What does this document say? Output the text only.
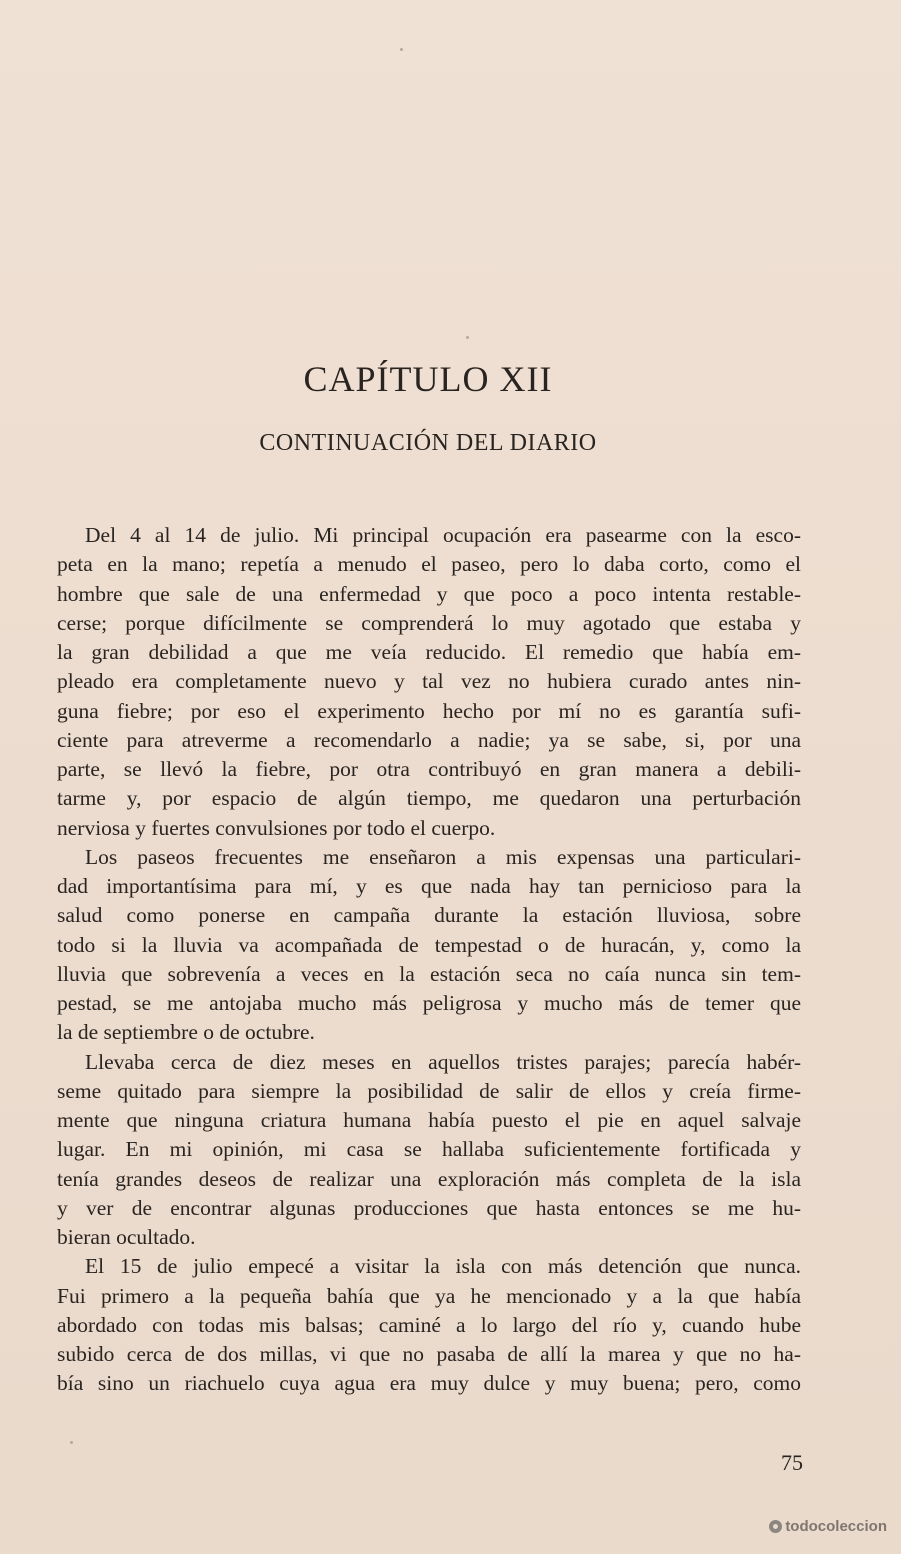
CAPÍTULO XII
CONTINUACIÓN DEL DIARIO
Del 4 al 14 de julio. Mi principal ocupación era pasearme con la esco-
peta en la mano; repetía a menudo el paseo, pero lo daba corto, como el
hombre que sale de una enfermedad y que poco a poco intenta restable-
cerse; porque difícilmente se comprenderá lo muy agotado que estaba y
la gran debilidad a que me veía reducido. El remedio que había em-
pleado era completamente nuevo y tal vez no hubiera curado antes nin-
guna fiebre; por eso el experimento hecho por mí no es garantía sufi-
ciente para atreverme a recomendarlo a nadie; ya se sabe, si, por una
parte, se llevó la fiebre, por otra contribuyó en gran manera a debili-
tarme y, por espacio de algún tiempo, me quedaron una perturbación
nerviosa y fuertes convulsiones por todo el cuerpo.
Los paseos frecuentes me enseñaron a mis expensas una particulari-
dad importantísima para mí, y es que nada hay tan pernicioso para la
salud como ponerse en campaña durante la estación lluviosa, sobre
todo si la lluvia va acompañada de tempestad o de huracán, y, como la
lluvia que sobrevenía a veces en la estación seca no caía nunca sin tem-
pestad, se me antojaba mucho más peligrosa y mucho más de temer que
la de septiembre o de octubre.
Llevaba cerca de diez meses en aquellos tristes parajes; parecía habér-
seme quitado para siempre la posibilidad de salir de ellos y creía firme-
mente que ninguna criatura humana había puesto el pie en aquel salvaje
lugar. En mi opinión, mi casa se hallaba suficientemente fortificada y
tenía grandes deseos de realizar una exploración más completa de la isla
y ver de encontrar algunas producciones que hasta entonces se me hu-
bieran ocultado.
El 15 de julio empecé a visitar la isla con más detención que nunca.
Fui primero a la pequeña bahía que ya he mencionado y a la que había
abordado con todas mis balsas; caminé a lo largo del río y, cuando hube
subido cerca de dos millas, vi que no pasaba de allí la marea y que no ha-
bía sino un riachuelo cuya agua era muy dulce y muy buena; pero, como
75
todocoleccion
